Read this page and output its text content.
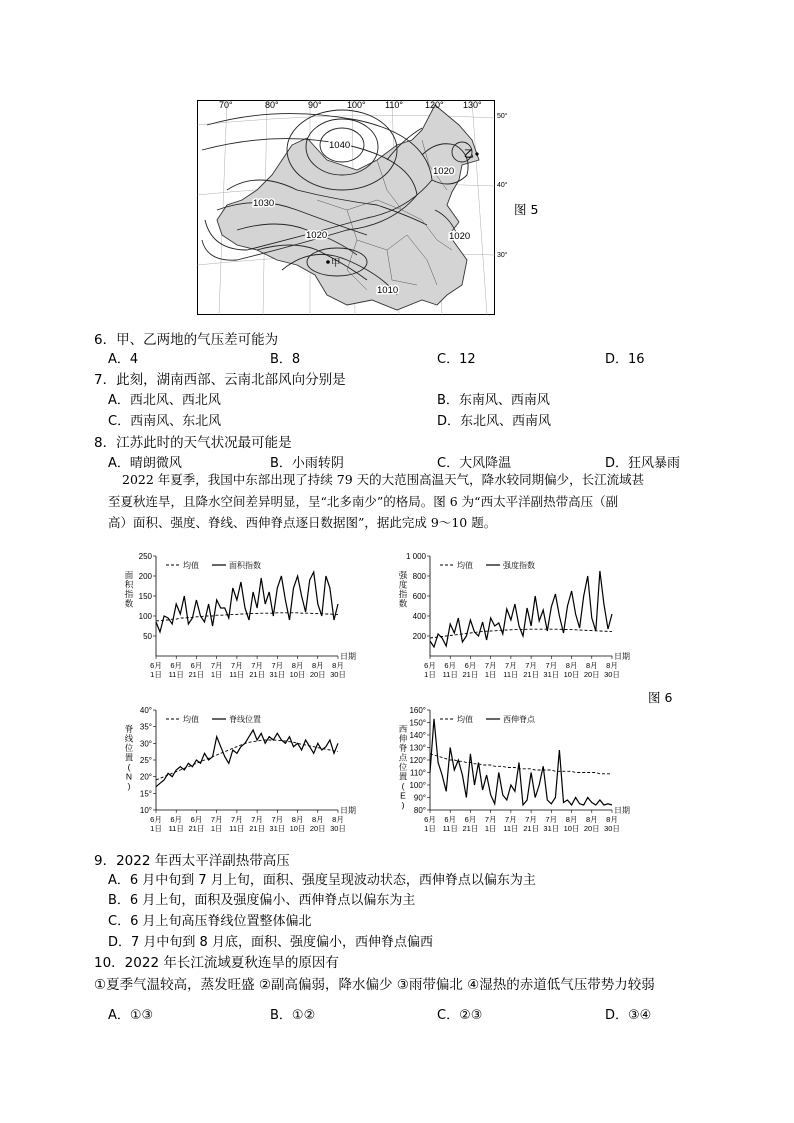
70°	80°	90°	100° 110° 120° 130°
1040
1030
1020
1020
1020
1010
甲
乙
50°
40°
30°
图 5
6．甲、乙两地的气压差可能为
A．4	B．8	C．12	D．16
7．此刻，湖南西部、云南北部风向分别是
A．西北风、西北风	B．东南风、西南风
C．西南风、东北风	D．东北风、西南风
8．江苏此时的天气状况最可能是
A．晴朗微风	B．小雨转阴	C．大风降温	D．狂风暴雨
2022 年夏季，我国中东部出现了持续 79 天的大范围高温天气，降水较同期偏少，长江流域甚
至夏秋连旱，且降水空间差异明显，呈“北多南少”的格局。图 6 为“西太平洋副热带高压（副
高）面积、强度、脊线、西伸脊点逐日数据图”，据此完成 9～10 题。
250
200
150
100
50
6月
1日
6月
11日
6月
21日
7月
1日
7月
11日
7月
21日
7月
31日
8月
10日
8月
20日
8月
30日
日期
面
积
指
数
均值	面积指数
1 000
800
600
400
200
6月
1日
6月
11日
6月
21日
7月
1日
7月
11日
7月
21日
7月
31日
8月
10日
8月
20日
8月
30日
日期
强
度
指
数
均值	强度指数
40°
35°
30°
25°
20°
15°
10°
6月
1日
6月
11日
6月
21日
7月
1日
7月
11日
7月
21日
7月
31日
8月
10日
8月
20日
8月
30日
日期
脊
线
位
置
(
N
)
均值	脊线位置
160°
150°
140°
130°
120°
110°
100°
90°
80°
6月
1日
6月
11日
6月
21日
7月
1日
7月
11日
7月
21日
7月
31日
8月
10日
8月
20日
8月
30日
日期
西
伸
脊
点
位
置
(
E
)
均值	西伸脊点
图 6
9．2022 年西太平洋副热带高压
A．6 月中旬到 7 月上旬，面积、强度呈现波动状态，西伸脊点以偏东为主
B．6 月上旬，面积及强度偏小、西伸脊点以偏东为主
C．6 月上旬高压脊线位置整体偏北
D．7 月中旬到 8 月底，面积、强度偏小，西伸脊点偏西
10．2022 年长江流域夏秋连旱的原因有
①夏季气温较高，蒸发旺盛 ②副高偏弱，降水偏少 ③雨带偏北 ④湿热的赤道低气压带势力较弱
A．①③	B．①②	C．②③	D．③④
